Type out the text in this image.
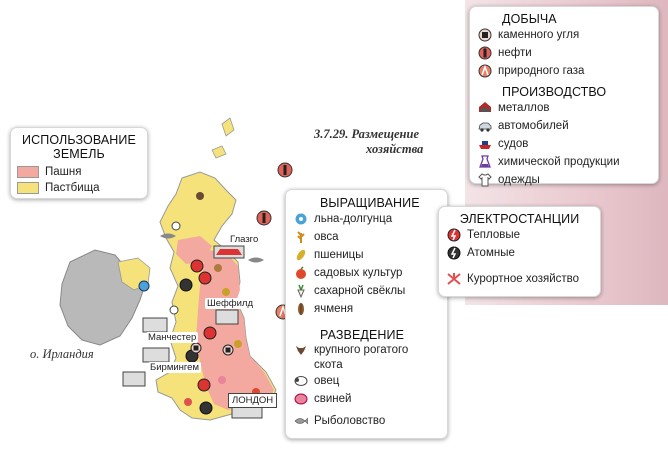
3.7.29. Размещение
хозяйства
ИСПОЛЬЗОВАНИЕ
ЗЕМЕЛЬ
Пашня
Пастбища
ВЫРАЩИВАНИЕ
льна-долгунца
овса
пшеницы
садовых культур
сахарной свёклы
ячменя
РАЗВЕДЕНИЕ
крупного рогатого
скота
овец
свиней
Рыболовство
ЭЛЕКТРОСТАНЦИИ
Тепловые
Атомные
Курортное хозяйство
ДОБЫЧА
каменного угля
нефти
природного газа
ПРОИЗВОДСТВО
металлов
автомобилей
судов
химической продукции
одежды
Глазго
Шеффилд
Манчестер
Бирмингем
ЛОНДОН
о. Ирландия
